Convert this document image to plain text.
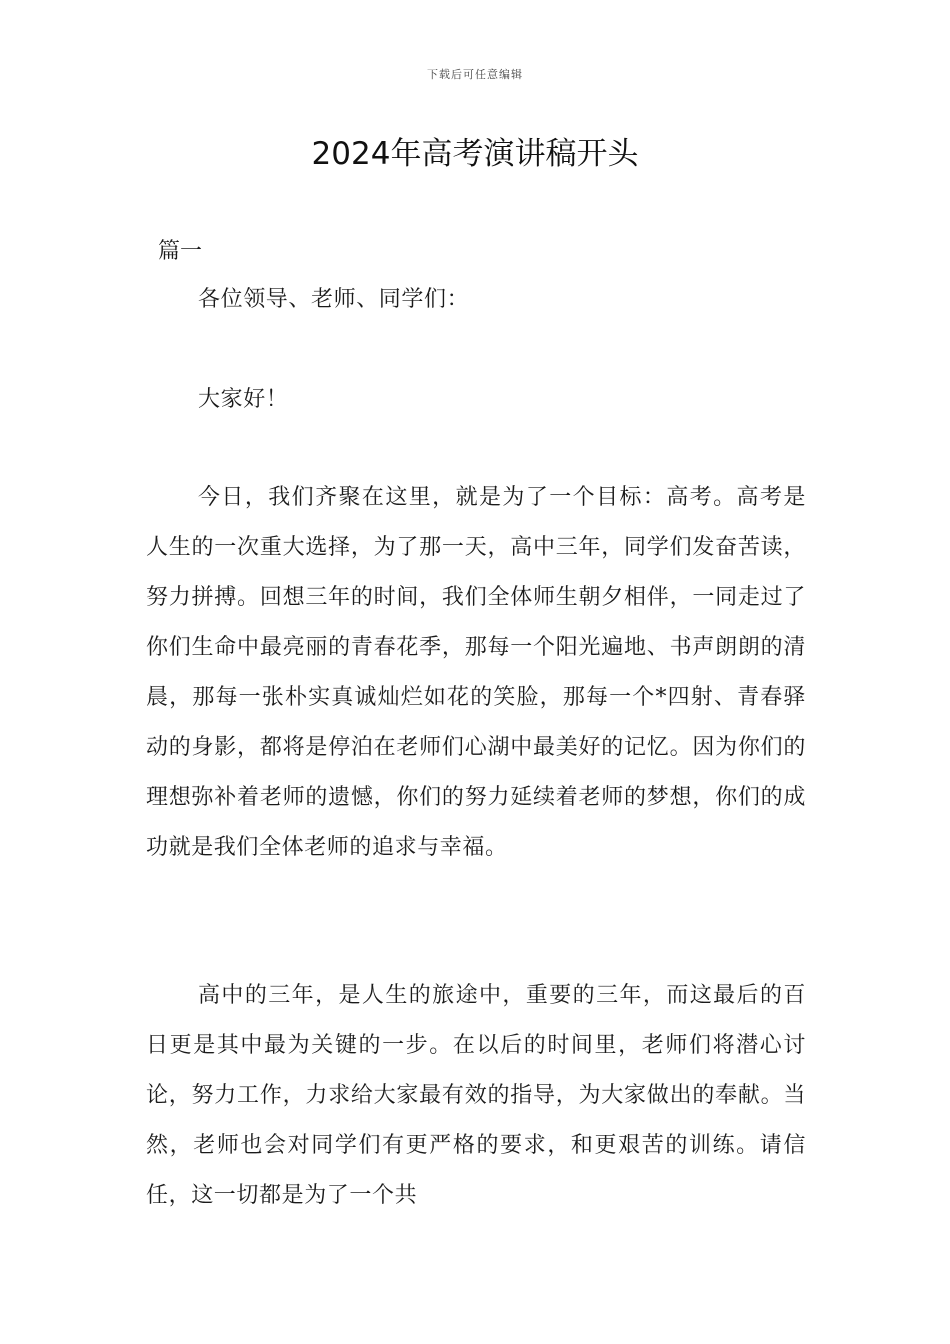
下载后可任意编辑
2024年高考演讲稿开头
篇一

各位领导、老师、同学们：

大家好！

今日，我们齐聚在这里，就是为了一个目标：高考。高考是人生的一次重大选择，为了那一天，高中三年，同学们发奋苦读，努力拼搏。回想三年的时间，我们全体师生朝夕相伴，一同走过了你们生命中最亮丽的青春花季，那每一个阳光遍地、书声朗朗的清晨，那每一张朴实真诚灿烂如花的笑脸，那每一个*四射、青春驿动的身影，都将是停泊在老师们心湖中最美好的记忆。因为你们的理想弥补着老师的遗憾，你们的努力延续着老师的梦想，你们的成功就是我们全体老师的追求与幸福。

高中的三年，是人生的旅途中，重要的三年，而这最后的百日更是其中最为关键的一步。在以后的时间里，老师们将潜心讨论，努力工作，力求给大家最有效的指导，为大家做出的奉献。当然，老师也会对同学们有更严格的要求，和更艰苦的训练。请信任，这一切都是为了一个共
